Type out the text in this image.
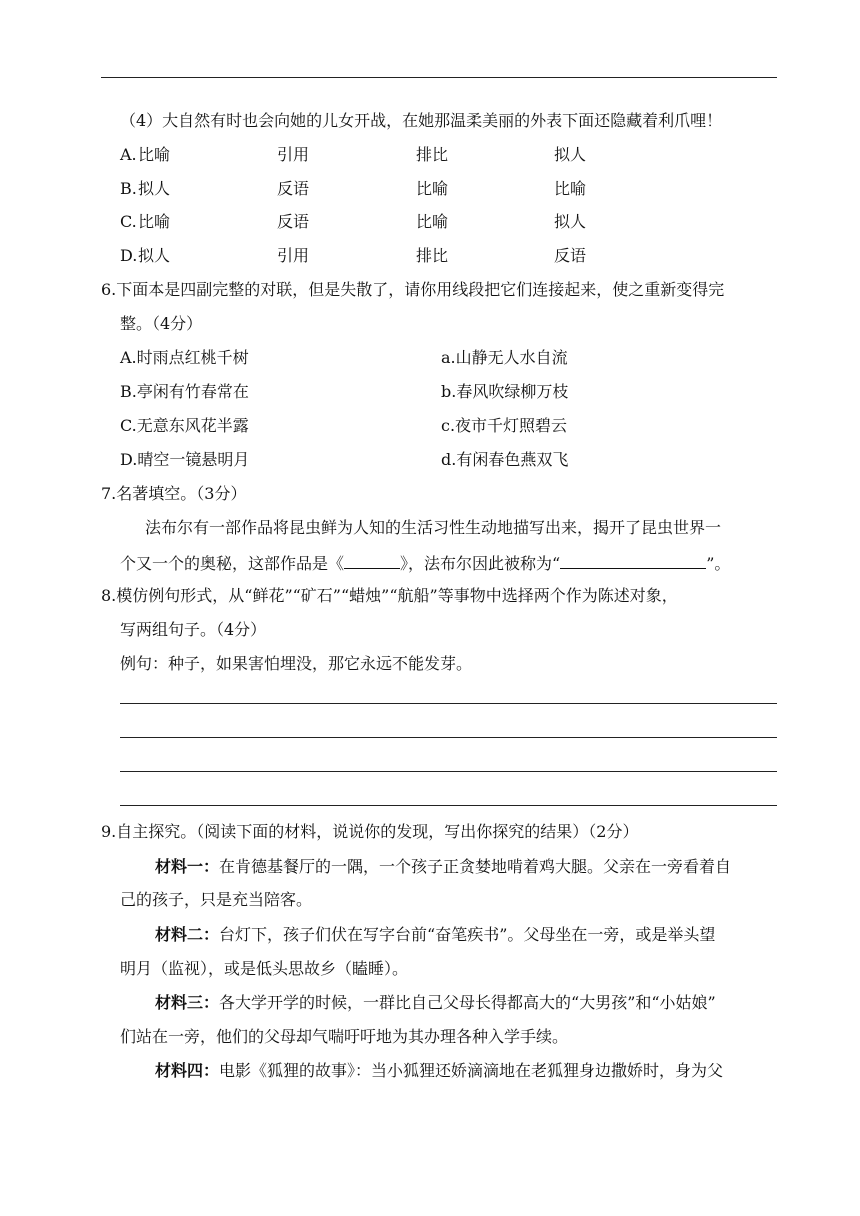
（4）大自然有时也会向她的儿女开战，在她那温柔美丽的外表下面还隐藏着利爪哩！
A. 比喻	引用	排比	拟人
B. 拟人	反语	比喻	比喻
C. 比喻	反语	比喻	拟人
D. 拟人	引用	排比	反语
6.下面本是四副完整的对联，但是失散了，请你用线段把它们连接起来，使之重新变得完
整。（4分）
A.时雨点红桃千树	a.山静无人水自流
B.亭闲有竹春常在	b.春风吹绿柳万枝
C.无意东风花半露	c.夜市千灯照碧云
D.晴空一镜悬明月	d.有闲春色燕双飞
7.名著填空。（3分）
法布尔有一部作品将昆虫鲜为人知的生活习性生动地描写出来，揭开了昆虫世界一
个又一个的奥秘，这部作品是《	》，法布尔因此被称为“	”。
8.模仿例句形式，从“鲜花”“矿石”“蜡烛”“航船”等事物中选择两个作为陈述对象，
写两组句子。（4分）
例句：种子，如果害怕埋没，那它永远不能发芽。
9.自主探究。（阅读下面的材料，说说你的发现，写出你探究的结果）（2分）
材料一：在肯德基餐厅的一隅，一个孩子正贪婪地啃着鸡大腿。父亲在一旁看着自
己的孩子，只是充当陪客。
材料二：台灯下，孩子们伏在写字台前“奋笔疾书”。父母坐在一旁，或是举头望
明月（监视），或是低头思故乡（瞌睡）。
材料三：各大学开学的时候，一群比自己父母长得都高大的“大男孩”和“小姑娘”
们站在一旁，他们的父母却气喘吁吁地为其办理各种入学手续。
材料四：电影《狐狸的故事》：当小狐狸还娇滴滴地在老狐狸身边撒娇时，身为父
